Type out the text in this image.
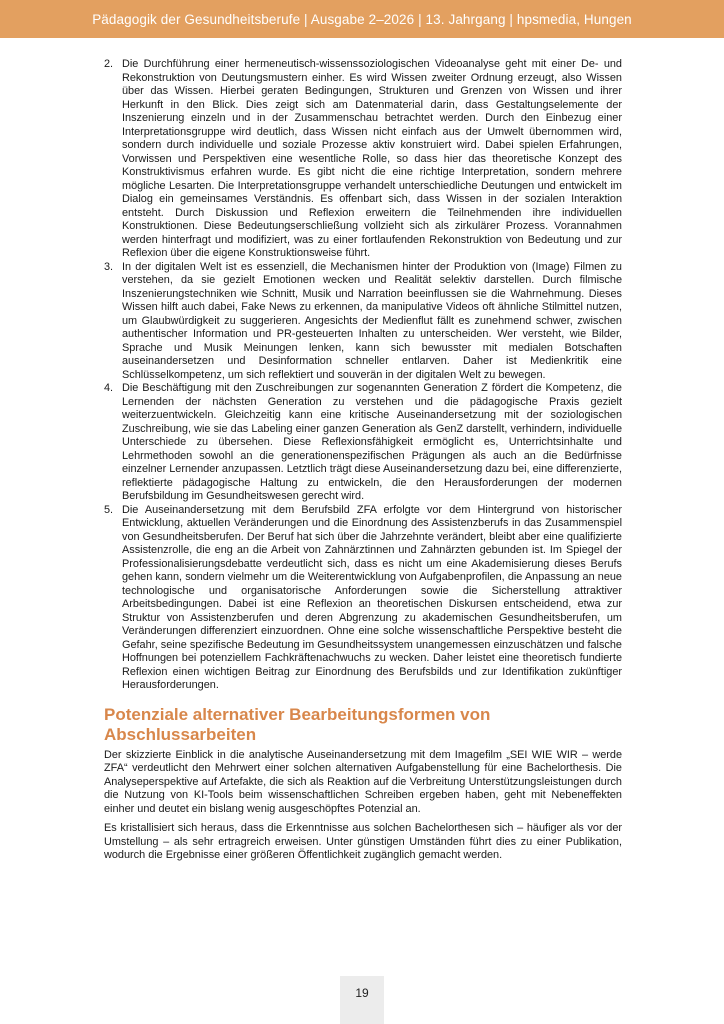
Pädagogik der Gesundheitsberufe | Ausgabe 2–2026 | 13. Jahrgang | hpsmedia, Hungen
2. Die Durchführung einer hermeneutisch-wissenssoziologischen Videoanalyse geht mit einer De- und Rekonstruktion von Deutungsmustern einher. Es wird Wissen zweiter Ordnung erzeugt, also Wissen über das Wissen. Hierbei geraten Bedingungen, Strukturen und Grenzen von Wissen und ihrer Herkunft in den Blick. Dies zeigt sich am Datenmaterial darin, dass Gestaltungselemente der Inszenierung einzeln und in der Zusammenschau betrachtet werden. Durch den Einbezug einer Interpretationsgruppe wird deutlich, dass Wissen nicht einfach aus der Umwelt übernommen wird, sondern durch individuelle und soziale Prozesse aktiv konstruiert wird. Dabei spielen Erfahrungen, Vorwissen und Perspektiven eine wesentliche Rolle, so dass hier das theoretische Konzept des Konstruktivismus erfahren wurde. Es gibt nicht die eine richtige Interpretation, sondern mehrere mögliche Lesarten. Die Interpretationsgruppe verhandelt unterschiedliche Deutungen und entwickelt im Dialog ein gemeinsames Verständnis. Es offenbart sich, dass Wissen in der sozialen Interaktion entsteht. Durch Diskussion und Reflexion erweitern die Teilnehmenden ihre individuellen Konstruktionen. Diese Bedeutungserschließung vollzieht sich als zirkulärer Prozess. Vorannahmen werden hinterfragt und modifiziert, was zu einer fortlaufenden Rekonstruktion von Bedeutung und zur Reflexion über die eigene Konstruktionsweise führt.
3. In der digitalen Welt ist es essenziell, die Mechanismen hinter der Produktion von (Image) Filmen zu verstehen, da sie gezielt Emotionen wecken und Realität selektiv darstellen. Durch filmische Inszenierungstechniken wie Schnitt, Musik und Narration beeinflussen sie die Wahrnehmung. Dieses Wissen hilft auch dabei, Fake News zu erkennen, da manipulative Videos oft ähnliche Stilmittel nutzen, um Glaubwürdigkeit zu suggerieren. Angesichts der Medienflut fällt es zunehmend schwer, zwischen authentischer Information und PR-gesteuerten Inhalten zu unterscheiden. Wer versteht, wie Bilder, Sprache und Musik Meinungen lenken, kann sich bewusster mit medialen Botschaften auseinandersetzen und Desinformation schneller entlarven. Daher ist Medienkritik eine Schlüsselkompetenz, um sich reflektiert und souverän in der digitalen Welt zu bewegen.
4. Die Beschäftigung mit den Zuschreibungen zur sogenannten Generation Z fördert die Kompetenz, die Lernenden der nächsten Generation zu verstehen und die pädagogische Praxis gezielt weiterzuentwickeln. Gleichzeitig kann eine kritische Auseinandersetzung mit der soziologischen Zuschreibung, wie sie das Labeling einer ganzen Generation als GenZ darstellt, verhindern, individuelle Unterschiede zu übersehen. Diese Reflexionsfähigkeit ermöglicht es, Unterrichtsinhalte und Lehrmethoden sowohl an die generationenspezifischen Prägungen als auch an die Bedürfnisse einzelner Lernender anzupassen. Letztlich trägt diese Auseinandersetzung dazu bei, eine differenzierte, reflektierte pädagogische Haltung zu entwickeln, die den Herausforderungen der modernen Berufsbildung im Gesundheitswesen gerecht wird.
5. Die Auseinandersetzung mit dem Berufsbild ZFA erfolgte vor dem Hintergrund von historischer Entwicklung, aktuellen Veränderungen und die Einordnung des Assistenzberufs in das Zusammenspiel von Gesundheitsberufen. Der Beruf hat sich über die Jahrzehnte verändert, bleibt aber eine qualifizierte Assistenzrolle, die eng an die Arbeit von Zahnärztinnen und Zahnärzten gebunden ist. Im Spiegel der Professionalisierungsdebatte verdeutlicht sich, dass es nicht um eine Akademisierung dieses Berufs gehen kann, sondern vielmehr um die Weiterentwicklung von Aufgabenprofilen, die Anpassung an neue technologische und organisatorische Anforderungen sowie die Sicherstellung attraktiver Arbeitsbedingungen. Dabei ist eine Reflexion an theoretischen Diskursen entscheidend, etwa zur Struktur von Assistenzberufen und deren Abgrenzung zu akademischen Gesundheitsberufen, um Veränderungen differenziert einzuordnen. Ohne eine solche wissenschaftliche Perspektive besteht die Gefahr, seine spezifische Bedeutung im Gesundheitssystem unangemessen einzuschätzen und falsche Hoffnungen bei potenziellem Fachkräftenachwuchs zu wecken. Daher leistet eine theoretisch fundierte Reflexion einen wichtigen Beitrag zur Einordnung des Berufsbilds und zur Identifikation zukünftiger Herausforderungen.
Potenziale alternativer Bearbeitungsformen von Abschlussarbeiten

Der skizzierte Einblick in die analytische Auseinandersetzung mit dem Imagefilm „SEI WIE WIR – werde ZFA“ verdeutlicht den Mehrwert einer solchen alternativen Aufgabenstellung für eine Bachelorthesis. Die Analyseperspektive auf Artefakte, die sich als Reaktion auf die Verbreitung Unterstützungsleistungen durch die Nutzung von KI-Tools beim wissenschaftlichen Schreiben ergeben haben, geht mit Nebeneffekten einher und deutet ein bislang wenig ausgeschöpftes Potenzial an.

Es kristallisiert sich heraus, dass die Erkenntnisse aus solchen Bachelorthesen sich – häufiger als vor der Umstellung – als sehr ertragreich erweisen. Unter günstigen Umständen führt dies zu einer Publikation, wodurch die Ergebnisse einer größeren Öffentlichkeit zugänglich gemacht werden.

19
